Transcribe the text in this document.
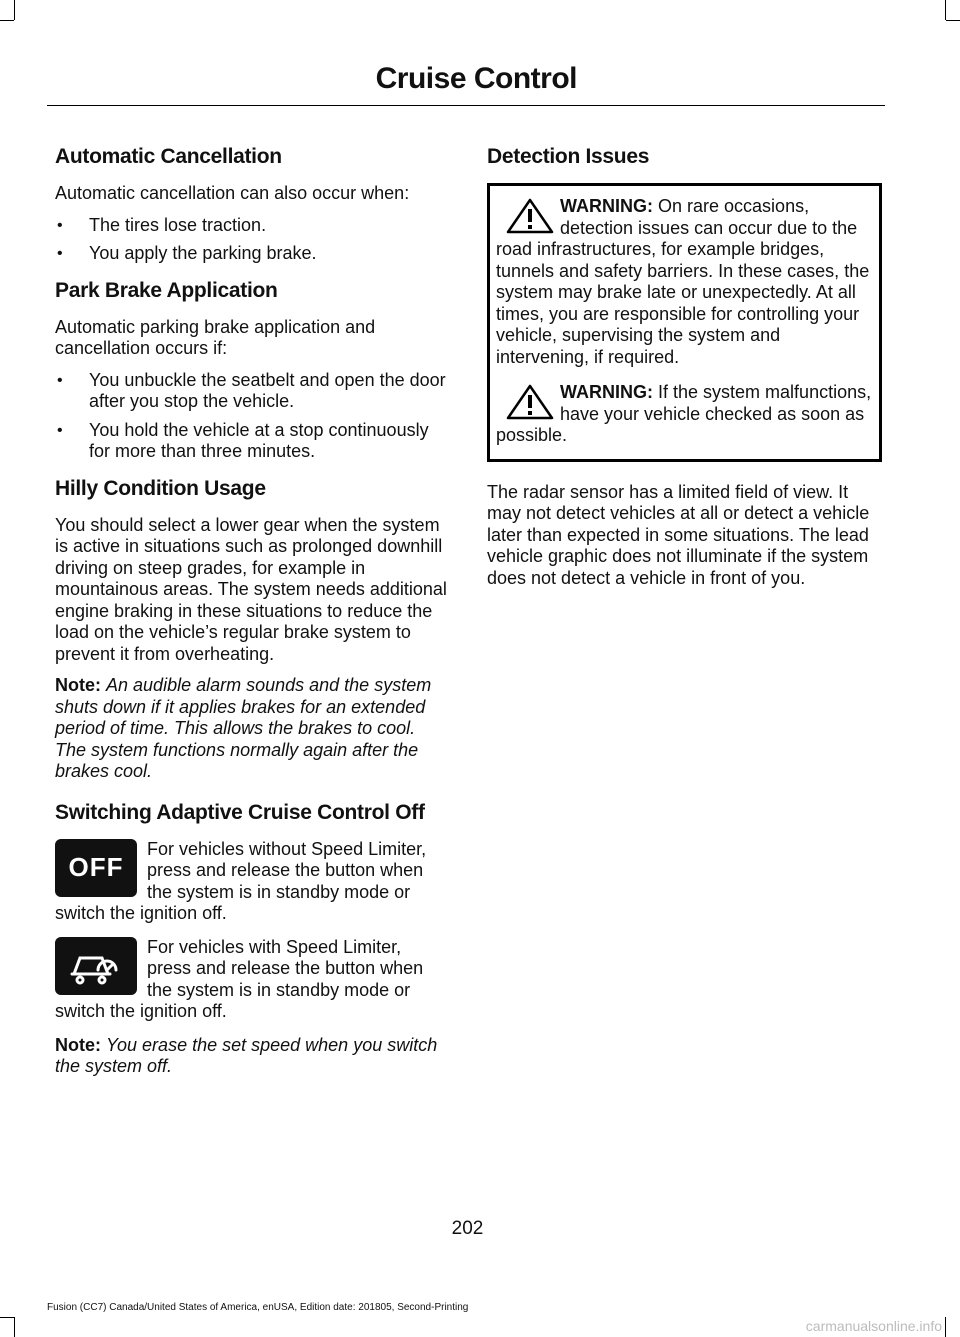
Cruise Control
Automatic Cancellation

Automatic cancellation can also occur when:

• The tires lose traction.
• You apply the parking brake.
Park Brake Application

Automatic parking brake application and cancellation occurs if:

• You unbuckle the seatbelt and open the door after you stop the vehicle.
• You hold the vehicle at a stop continuously for more than three minutes.
Hilly Condition Usage

You should select a lower gear when the system is active in situations such as prolonged downhill driving on steep grades, for example in mountainous areas. The system needs additional engine braking in these situations to reduce the load on the vehicle’s regular brake system to prevent it from overheating.

Note: An audible alarm sounds and the system shuts down if it applies brakes for an extended period of time. This allows the brakes to cool. The system functions normally again after the brakes cool.

Switching Adaptive Cruise Control Off
OFF

For vehicles without Speed Limiter, press and release the button when the system is in standby mode or switch the ignition off.

For vehicles with Speed Limiter, press and release the button when the system is in standby mode or switch the ignition off.

Note: You erase the set speed when you switch the system off.

Detection Issues

WARNING: On rare occasions, detection issues can occur due to the road infrastructures, for example bridges, tunnels and safety barriers. In these cases, the system may brake late or unexpectedly. At all times, you are responsible for controlling your vehicle, supervising the system and intervening, if required.

WARNING: If the system malfunctions, have your vehicle checked as soon as possible.

The radar sensor has a limited field of view. It may not detect vehicles at all or detect a vehicle later than expected in some situations. The lead vehicle graphic does not illuminate if the system does not detect a vehicle in front of you.

202
Fusion (CC7) Canada/United States of America, enUSA, Edition date: 201805, Second-Printing
carmanualsonline.info
